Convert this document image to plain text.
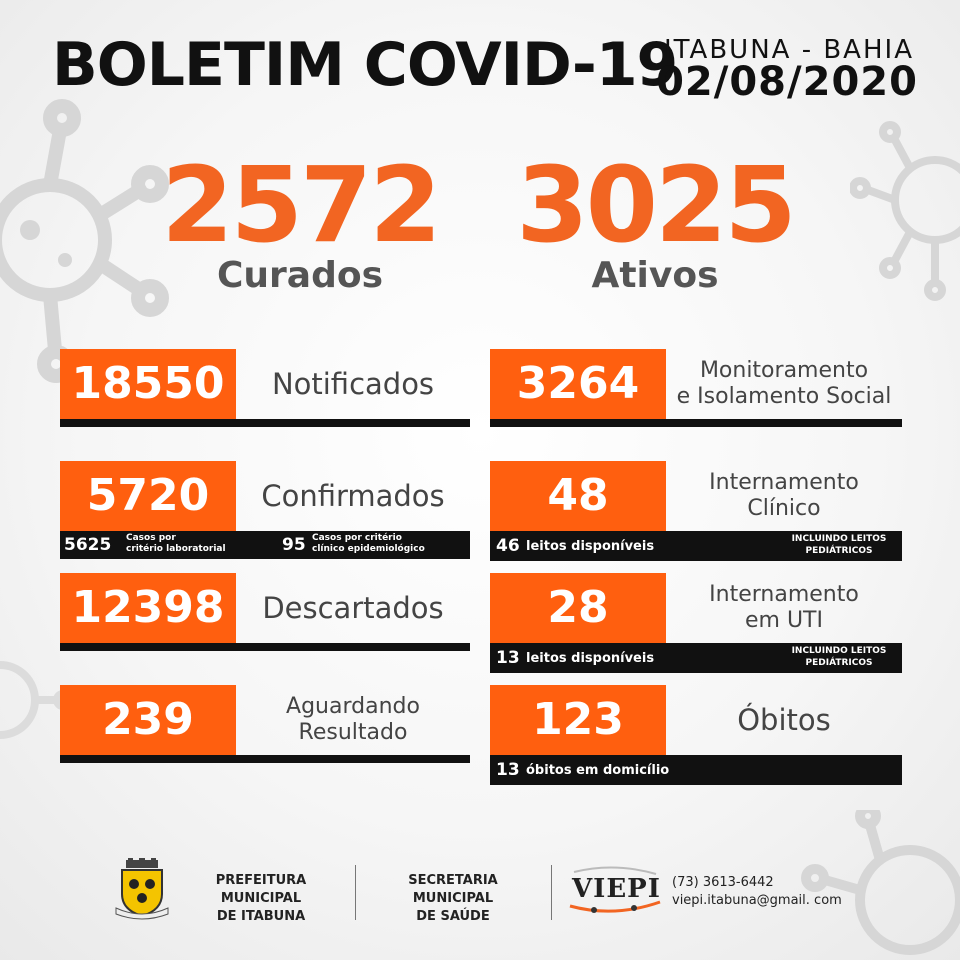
BOLETIM COVID-19
ITABUNA - BAHIA
02/08/2020
2572
Curados
3025
Ativos
18550	Notificados
5720	Confirmados
5625 Casos por
critério laboratorial	95 Casos por critério
clínico epidemiológico
12398	Descartados
239	Aguardando
Resultado
3264	Monitoramento
e Isolamento Social
48	Internamento
Clínico
46 leitos disponíveis	INCLUINDO LEITOS
PEDIÁTRICOS
28	Internamento
em UTI
13 leitos disponíveis	INCLUINDO LEITOS
PEDIÁTRICOS
123	Óbitos
13 óbitos em domicílio
PREFEITURA MUNICIPAL
DE ITABUNA
SECRETARIA MUNICIPAL
DE SAÚDE
VIEPI (73) 3613-6442
viepi.itabuna@gmail. com
